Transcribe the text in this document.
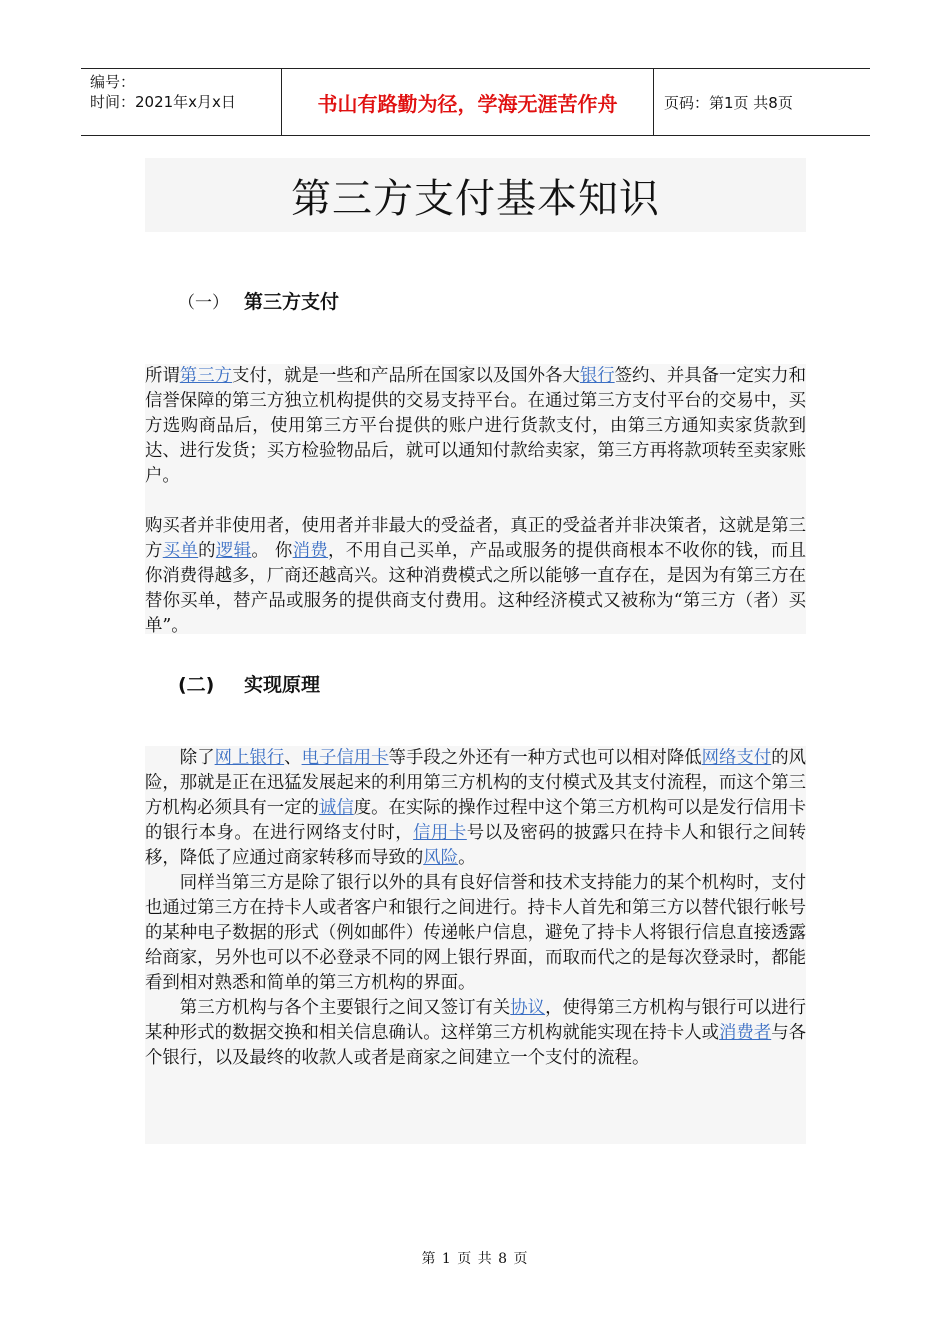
编号：
时间：2021年x月x日	书山有路勤为径，学海无涯苦作舟	页码：第1页 共8页
第三方支付基本知识
（一） 第三方支付

所谓第三方支付，就是一些和产品所在国家以及国外各大银行签约、并具备一定实力和信誉保障的第三方独立机构提供的交易支持平台。在通过第三方支付平台的交易中，买方选购商品后，使用第三方平台提供的账户进行货款支付，由第三方通知卖家货款到达、进行发货；买方检验物品后，就可以通知付款给卖家，第三方再将款项转至卖家账户。

购买者并非使用者，使用者并非最大的受益者，真正的受益者并非决策者，这就是第三方买单的逻辑。 你消费，不用自己买单，产品或服务的提供商根本不收你的钱，而且你消费得越多，厂商还越高兴。这种消费模式之所以能够一直存在，是因为有第三方在替你买单，替产品或服务的提供商支付费用。这种经济模式又被称为“第三方（者）买单”。

(二)	实现原理

除了网上银行、电子信用卡等手段之外还有一种方式也可以相对降低网络支付的风险，那就是正在迅猛发展起来的利用第三方机构的支付模式及其支付流程，而这个第三方机构必须具有一定的诚信度。在实际的操作过程中这个第三方机构可以是发行信用卡的银行本身。在进行网络支付时，信用卡号以及密码的披露只在持卡人和银行之间转移，降低了应通过商家转移而导致的风险。

同样当第三方是除了银行以外的具有良好信誉和技术支持能力的某个机构时，支付也通过第三方在持卡人或者客户和银行之间进行。持卡人首先和第三方以替代银行帐号的某种电子数据的形式（例如邮件）传递帐户信息，避免了持卡人将银行信息直接透露给商家，另外也可以不必登录不同的网上银行界面，而取而代之的是每次登录时，都能看到相对熟悉和简单的第三方机构的界面。

第三方机构与各个主要银行之间又签订有关协议，使得第三方机构与银行可以进行某种形式的数据交换和相关信息确认。这样第三方机构就能实现在持卡人或消费者与各个银行，以及最终的收款人或者是商家之间建立一个支付的流程。

第 1 页 共 8 页
